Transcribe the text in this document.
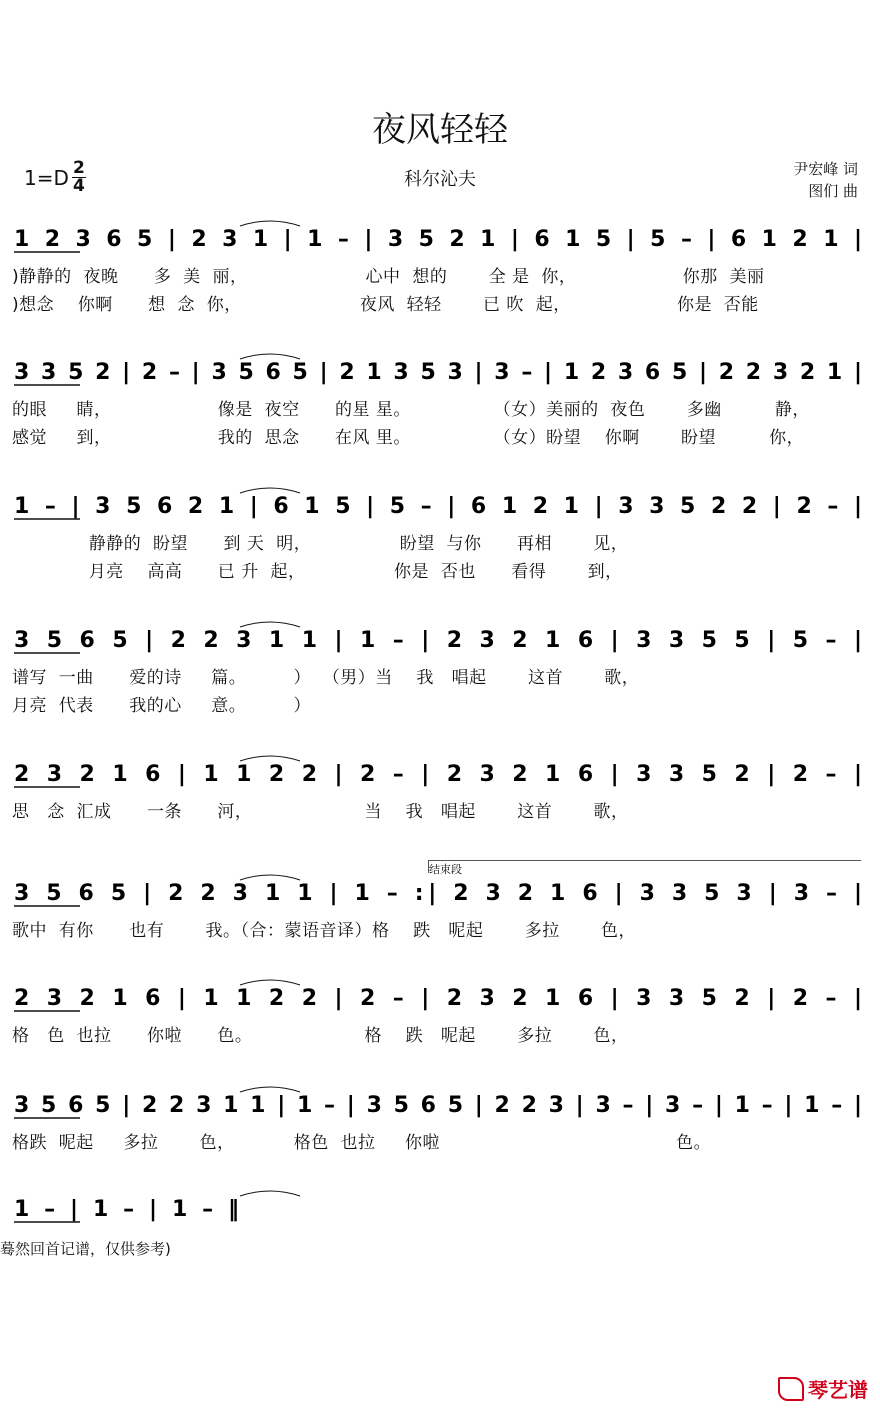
夜风轻轻
$1=D \frac{2}{4}$	科尔沁夫	尹宏峰 词
图们 曲
1 2 3 6 5 | 2 3 1 | 1 – | 3 5 2 1 | 6 1 5 | 5 – | 6 1 2 1 |
)静静的  夜晚      多  美  丽，                    心中  想的       全 是  你，                  你那  美丽
)想念    你啊      想  念  你，                    夜风  轻轻       已 吹  起，                  你是  否能
3 3 5 2 | 2 – | 3 5 6 5 | 2 1 3 5 3 | 3 – | 1 2 3 6 5 | 2 2 3 2 1 |
的眼     睛，                  像是  夜空      的星 星。              （女）美丽的  夜色       多幽         静，
感觉     到，                  我的  思念      在风 里。              （女）盼望    你啊       盼望         你，
1 – | 3 5 6 2 1 | 6 1 5 | 5 – | 6 1 2 1 | 3 3 5 2 2 | 2 – |
静静的  盼望      到 天  明，               盼望  与你      再相       见，
月亮    高高      已 升  起，               你是  否也      看得       到，
3 5 6 5 | 2 2 3 1 1 | 1 – | 2 3 2 1 6 | 3 3 5 5 | 5 – |
谱写  一曲      爱的诗     篇。        ）  （男）当    我   唱起       这首       歌，
月亮  代表      我的心     意。        ）
2 3 2 1 6 | 1 1 2 2 | 2 – | 2 3 2 1 6 | 3 3 5 2 | 2 – |
思   念  汇成      一条      河，                   当    我   唱起       这首       歌，
3 5 6 5 | 2 2 3 1 1 | 1 – :| 2 3 2 1 6 | 3 3 5 3 | 3 – |
结束段
歌中  有你      也有       我。（合：蒙语音译）格    跌   呢起       多拉       色，
2 3 2 1 6 | 1 1 2 2 | 2 – | 2 3 2 1 6 | 3 3 5 2 | 2 – |
格   色  也拉      你啦      色。                   格    跌   呢起       多拉       色，
3 5 6 5 | 2 2 3 1 1 | 1 – | 3 5 6 5 | 2 2 3 | 3 – | 3 – | 1 – | 1 – |
格跌  呢起     多拉       色，          格色  也拉     你啦                                        色。
1 – | 1 – | 1 – ‖
蓦然回首记谱，仅供参考)
琴艺谱
